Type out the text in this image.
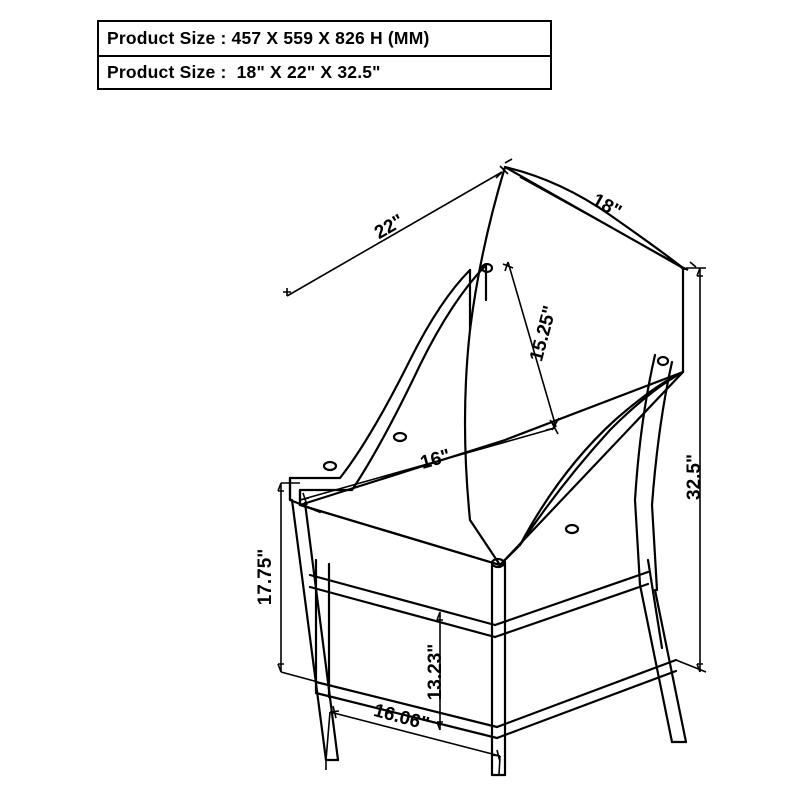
Product Size : 457 X 559 X 826 H (MM)
Product Size :  18" X 22" X 32.5"
22"
18"
15.25"
16"	32.5"
17.75"
13.23"
16.06"
